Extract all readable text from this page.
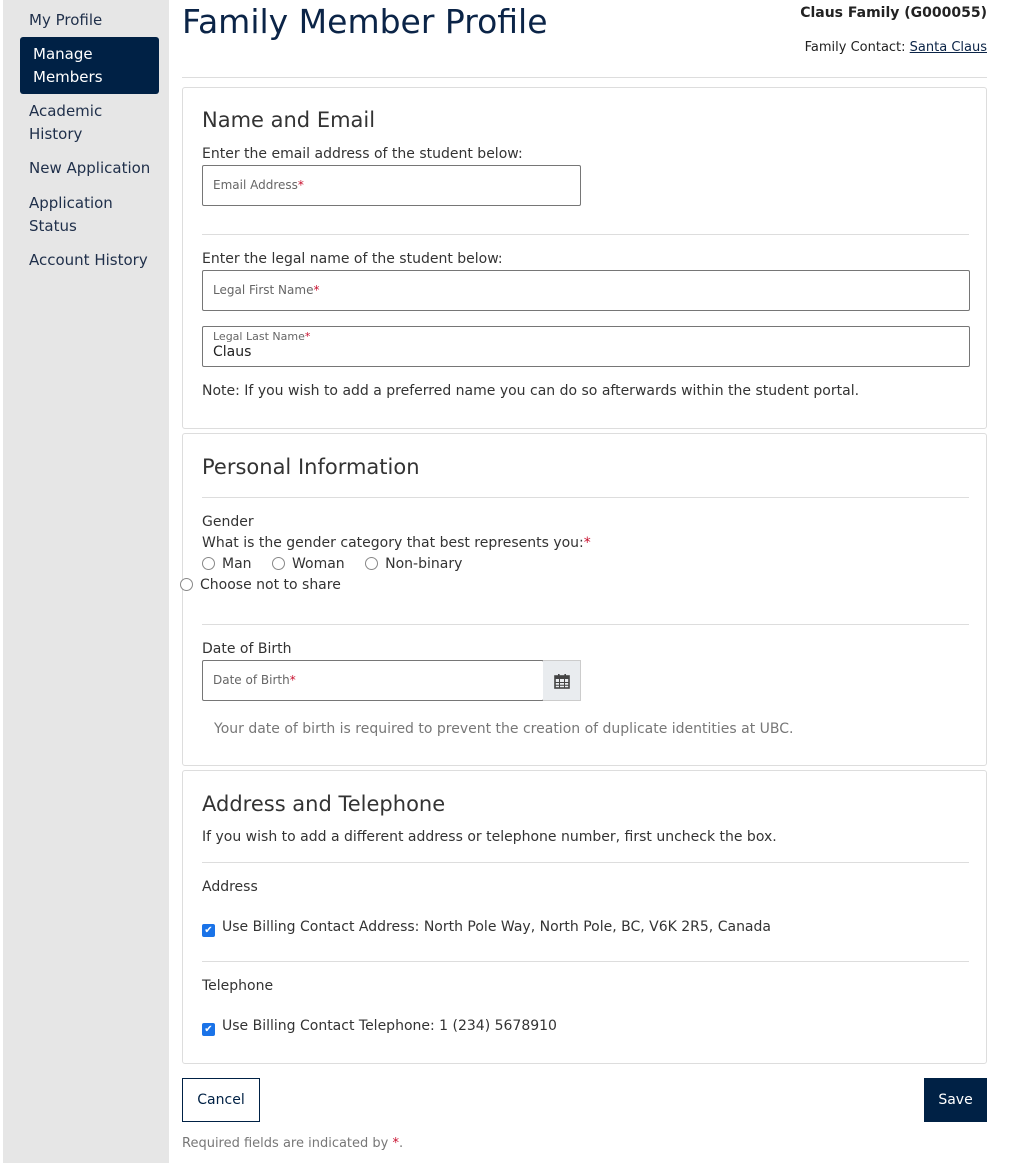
My Profile
Manage Members
Academic History
New Application
Application Status
Account History
Family Member Profile	Claus Family (G000055)
Family Contact: Santa Claus
Name and Email
Enter the email address of the student below:
Email Address*
Enter the legal name of the student below:
Legal First Name*
Legal Last Name*
Claus
Note: If you wish to add a preferred name you can do so afterwards within the student portal.
Personal Information
Gender
What is the gender category that best represents you:*
Man	Woman	Non-binary
Choose not to share
Date of Birth
Date of Birth*
Your date of birth is required to prevent the creation of duplicate identities at UBC.
Address and Telephone
If you wish to add a different address or telephone number, first uncheck the box.
Address
✔ Use Billing Contact Address: North Pole Way, North Pole, BC, V6K 2R5, Canada
Telephone
✔ Use Billing Contact Telephone: 1 (234) 5678910
Cancel	Save
Required fields are indicated by *.
